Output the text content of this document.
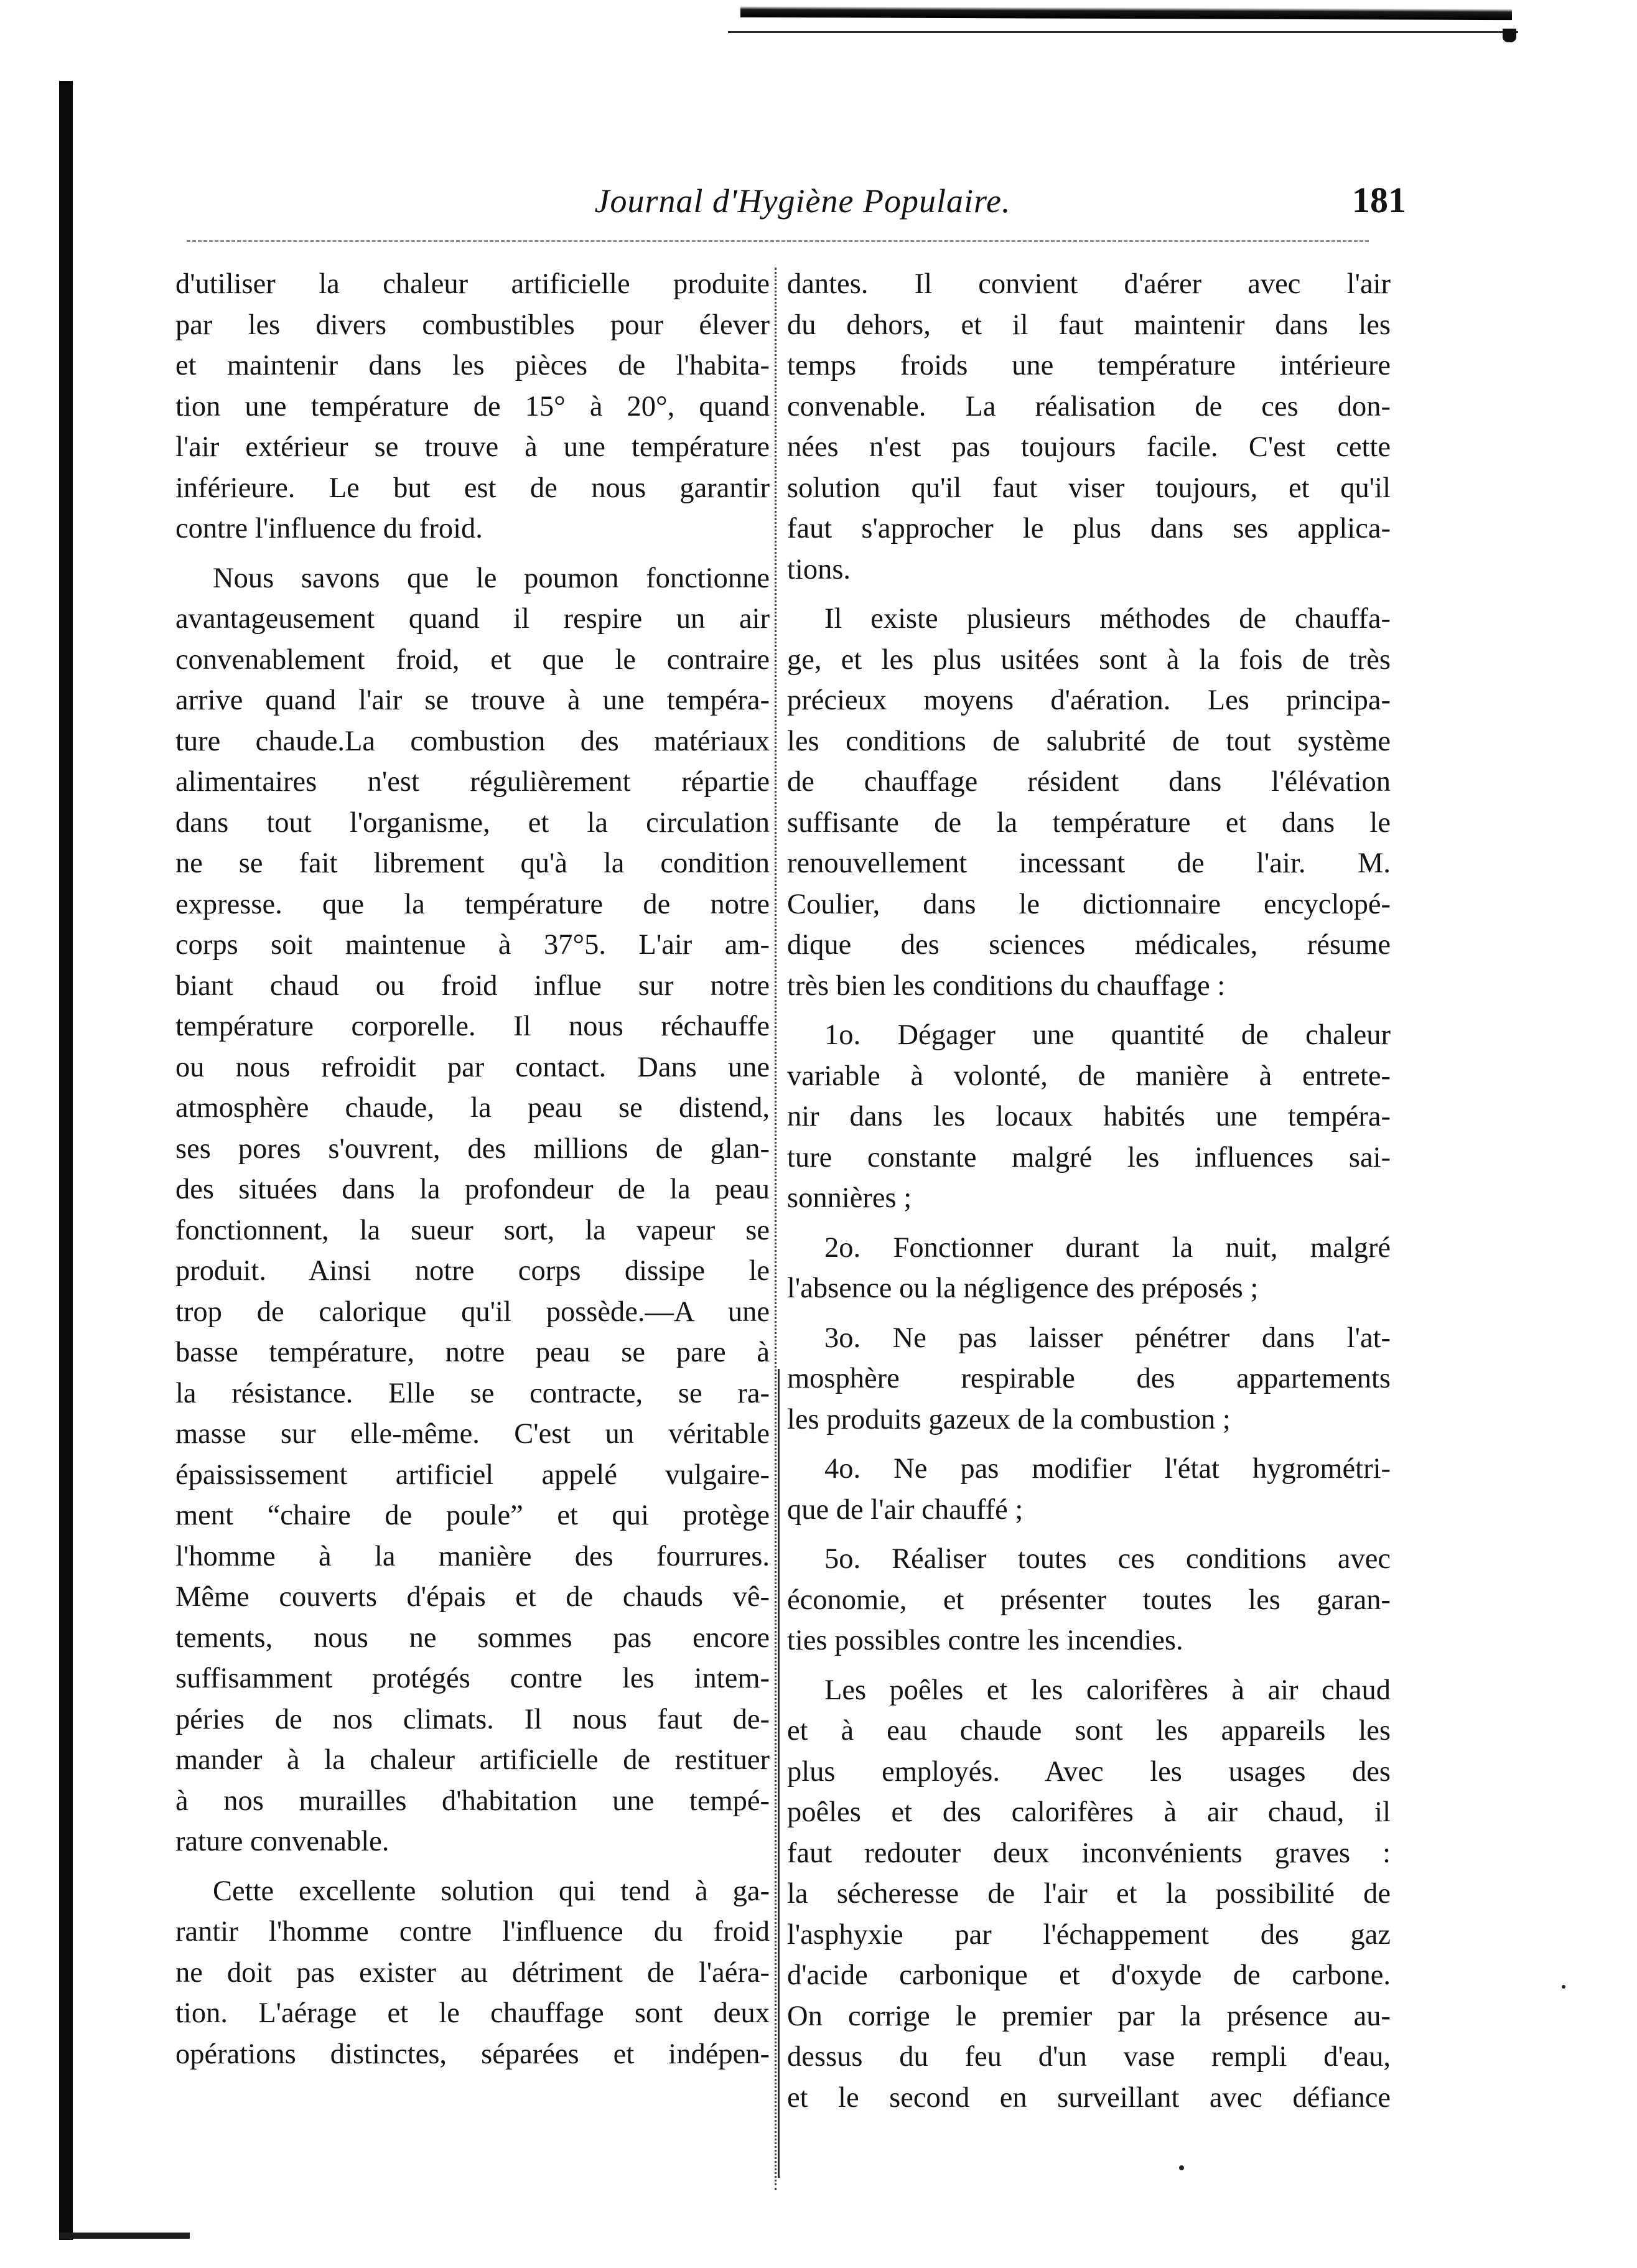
Journal d'Hygiène Populaire.	181

d'utiliser la chaleur artificielle produite

par les divers combustibles pour élever

et maintenir dans les pièces de l'habita-

tion une température de 15° à 20°, quand

l'air extérieur se trouve à une température

inférieure. Le but est de nous garantir

contre l'influence du froid.

Nous savons que le poumon fonctionne

avantageusement quand il respire un air

convenablement froid, et que le contraire

arrive quand l'air se trouve à une tempéra-

ture chaude.La combustion des matériaux

alimentaires n'est régulièrement répartie

dans tout l'organisme, et la circulation

ne se fait librement qu'à la condition

expresse. que la température de notre

corps soit maintenue à 37°5. L'air am-

biant chaud ou froid influe sur notre

température corporelle. Il nous réchauffe

ou nous refroidit par contact. Dans une

atmosphère chaude, la peau se distend,

ses pores s'ouvrent, des millions de glan-

des situées dans la profondeur de la peau

fonctionnent, la sueur sort, la vapeur se

produit. Ainsi notre corps dissipe le

trop de calorique qu'il possède.—A une

basse température, notre peau se pare à

la résistance. Elle se contracte, se ra-

masse sur elle-même. C'est un véritable

épaississement artificiel appelé vulgaire-

ment “chaire de poule” et qui protège

l'homme à la manière des fourrures.

Même couverts d'épais et de chauds vê-

tements, nous ne sommes pas encore

suffisamment protégés contre les intem-

péries de nos climats. Il nous faut de-

mander à la chaleur artificielle de restituer

à nos murailles d'habitation une tempé-

rature convenable.

Cette excellente solution qui tend à ga-

rantir l'homme contre l'influence du froid

ne doit pas exister au détriment de l'aéra-

tion. L'aérage et le chauffage sont deux

opérations distinctes, séparées et indépen-

dantes. Il convient d'aérer avec l'air

du dehors, et il faut maintenir dans les

temps froids une température intérieure

convenable. La réalisation de ces don-

nées n'est pas toujours facile. C'est cette

solution qu'il faut viser toujours, et qu'il

faut s'approcher le plus dans ses applica-

tions.

Il existe plusieurs méthodes de chauffa-

ge, et les plus usitées sont à la fois de très

précieux moyens d'aération. Les principa-

les conditions de salubrité de tout système

de chauffage résident dans l'élévation

suffisante de la température et dans le

renouvellement incessant de l'air. M.

Coulier, dans le dictionnaire encyclopé-

dique des sciences médicales, résume

très bien les conditions du chauffage :

1o. Dégager une quantité de chaleur

variable à volonté, de manière à entrete-

nir dans les locaux habités une tempéra-

ture constante malgré les influences sai-

sonnières ;

2o. Fonctionner durant la nuit, malgré

l'absence ou la négligence des préposés ;

3o. Ne pas laisser pénétrer dans l'at-

mosphère respirable des appartements

les produits gazeux de la combustion ;

4o. Ne pas modifier l'état hygrométri-

que de l'air chauffé ;

5o. Réaliser toutes ces conditions avec

économie, et présenter toutes les garan-

ties possibles contre les incendies.

Les poêles et les calorifères à air chaud

et à eau chaude sont les appareils les

plus employés. Avec les usages des

poêles et des calorifères à air chaud, il

faut redouter deux inconvénients graves :

la sécheresse de l'air et la possibilité de

l'asphyxie par l'échappement des gaz

d'acide carbonique et d'oxyde de carbone.

On corrige le premier par la présence au-

dessus du feu d'un vase rempli d'eau,

et le second en surveillant avec défiance
